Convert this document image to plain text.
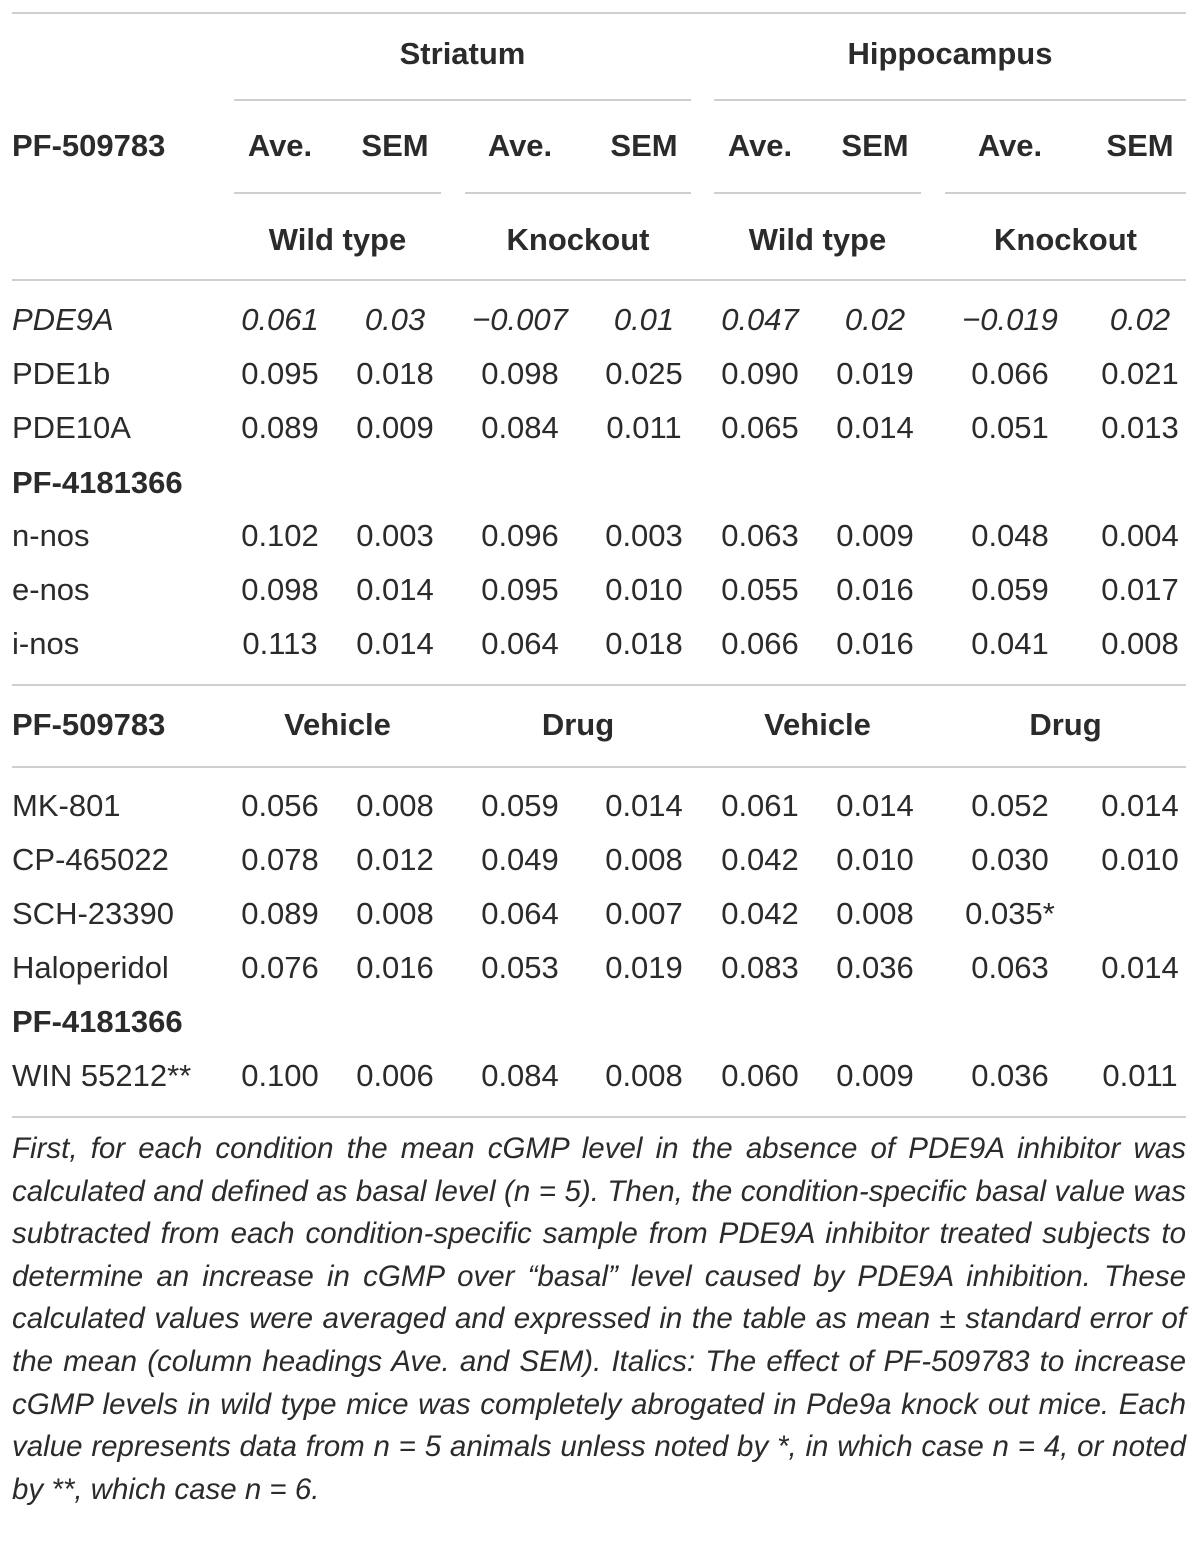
Striatum	Hippocampus
PF-509783	Ave.	SEM	Ave.	SEM	Ave.	SEM	Ave.	SEM
Wild type	Knockout	Wild type	Knockout
PDE9A	0.061	0.03	−0.007	0.01	0.047	0.02	−0.019	0.02
PDE1b	0.095	0.018	0.098	0.025	0.090	0.019	0.066	0.021
PDE10A	0.089	0.009	0.084	0.011	0.065	0.014	0.051	0.013
PF-4181366
n-nos	0.102	0.003	0.096	0.003	0.063	0.009	0.048	0.004
e-nos	0.098	0.014	0.095	0.010	0.055	0.016	0.059	0.017
i-nos	0.113	0.014	0.064	0.018	0.066	0.016	0.041	0.008
PF-509783	Vehicle	Drug	Vehicle	Drug
MK-801	0.056	0.008	0.059	0.014	0.061	0.014	0.052	0.014
CP-465022	0.078	0.012	0.049	0.008	0.042	0.010	0.030	0.010
SCH-23390	0.089	0.008	0.064	0.007	0.042	0.008	0.035*
Haloperidol	0.076	0.016	0.053	0.019	0.083	0.036	0.063	0.014
PF-4181366
WIN 55212**	0.100	0.006	0.084	0.008	0.060	0.009	0.036	0.011
First, for each condition the mean cGMP level in the absence of PDE9A inhibitor was calculated and defined as basal level (n = 5). Then, the condition-specific basal value was subtracted from each condition-specific sample from PDE9A inhibitor treated subjects to determine an increase in cGMP over “basal” level caused by PDE9A inhibition. These calculated values were averaged and expressed in the table as mean ± standard error of the mean (column headings Ave. and SEM). Italics: The effect of PF-509783 to increase cGMP levels in wild type mice was completely abrogated in Pde9a knock out mice. Each value represents data from n = 5 animals unless noted by *, in which case n = 4, or noted by **, which case n = 6.
